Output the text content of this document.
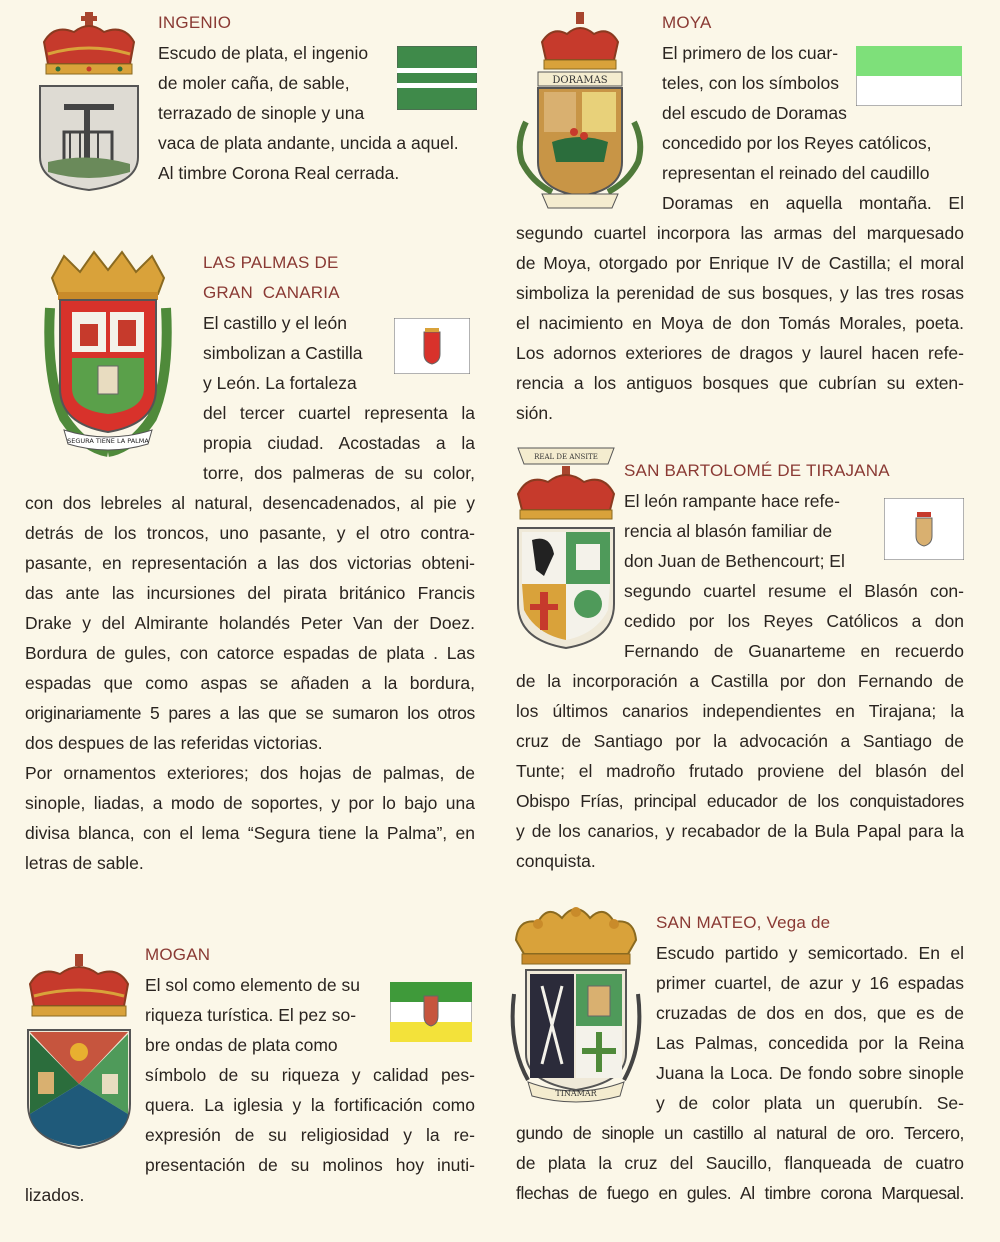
INGENIO
Escudo de plata, el ingenio
de moler caña, de sable,
terrazado de sinople y una
vaca de plata andante, uncida a aquel.
Al timbre Corona Real cerrada.
DORAMAS
MOYA
El primero de los cuar-
teles, con los símbolos
del escudo de Doramas
concedido por los Reyes católicos,
representan el reinado del caudillo
Doramas en aquella montaña. El
segundo cuartel incorpora las armas del marquesado
de Moya, otorgado por Enrique IV de Castilla; el moral
simboliza la perenidad de sus bosques, y las tres rosas
el nacimiento en Moya de don Tomás Morales, poeta.
Los adornos exteriores de dragos y laurel hacen refe-
rencia a los antiguos bosques que cubrían su exten-
sión.
SEGURA TIENE LA PALMA
LAS PALMAS DE
GRAN  CANARIA
El castillo y el león
simbolizan a Castilla
y León. La fortaleza
del tercer cuartel representa la
propia ciudad. Acostadas a la
torre, dos palmeras de su color,
con dos lebreles al natural, desencadenados, al pie y
detrás de los troncos, uno pasante, y el otro contra-
pasante, en representación a las dos victorias obteni-
das ante las incursiones del pirata británico Francis
Drake y del Almirante holandés Peter Van der Doez.
Bordura de gules, con catorce espadas de plata . Las
espadas que como aspas se añaden a la bordura,
originariamente 5 pares a las que se sumaron los otros
dos despues de las referidas victorias.
Por ornamentos exteriores; dos hojas de palmas, de
sinople, liadas, a modo de soportes, y por lo bajo una
divisa blanca, con el lema “Segura tiene la Palma”, en
letras de sable.
REAL DE ANSITE
SAN BARTOLOMÉ DE TIRAJANA
El león rampante hace refe-
rencia al blasón familiar de
don Juan de Bethencourt; El
segundo cuartel resume el Blasón con-
cedido por los Reyes Católicos a don
Fernando de Guanarteme en recuerdo
de la incorporación a Castilla por don Fernando de
los últimos canarios independientes en Tirajana; la
cruz de Santiago por la advocación a Santiago de
Tunte; el madroño frutado proviene del blasón del
Obispo Frías, principal educador de los conquistadores
y de los canarios, y recabador de la Bula Papal para la
conquista.
MOGAN
El sol como elemento de su
riqueza turística. El pez so-
bre ondas de plata como
símbolo de su riqueza y calidad pes-
quera. La iglesia y la fortificación como
expresión de su religiosidad y la re-
presentación de su molinos hoy inuti-
lizados.
TINAMAR
SAN MATEO, Vega de
Escudo partido y semicortado. En el
primer cuartel, de azur y 16 espadas
cruzadas de dos en dos, que es de
Las Palmas, concedida por la Reina
Juana la Loca. De fondo sobre sinople
y de color plata un querubín. Se-
gundo de sinople un castillo al natural de oro. Tercero,
de plata la cruz del Saucillo, flanqueada de cuatro
flechas de fuego en gules. Al timbre corona Marquesal.
